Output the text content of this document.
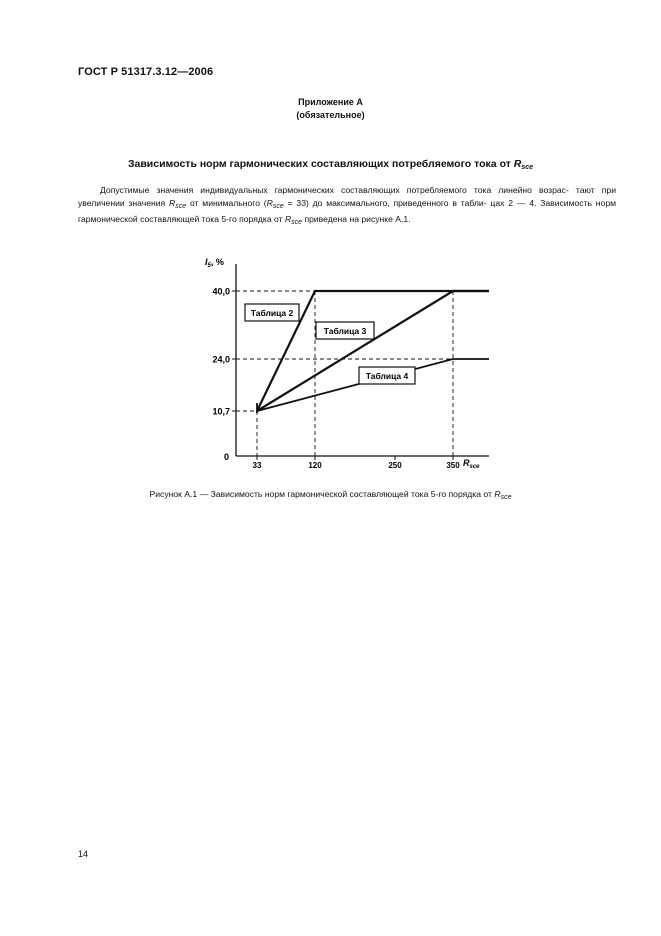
ГОСТ Р 51317.3.12—2006
Приложение А
(обязательное)
Зависимость норм гармонических составляющих потребляемого тока от $R_{sce}$
Допустимые значения индивидуальных гармонических составляющих потребляемого тока линейно возрас- тают при увеличении значения $R_{sce}$ от минимального $(R_{sce} = 33)$ до максимального, приведенного в табли- цах 2 — 4. Зависимость норм гармонической составляющей тока 5-го порядка от $R_{sce}$ приведена на рисунке А.1.
10,7
24,0
40,0
33	120	250	350
0
$I_5$, %
$R_{sce}$
Таблица 2
Таблица 3
Таблица 4
Рисунок А.1 — Зависимость норм гармонической составляющей тока 5-го порядка от $R_{sce}$
14
